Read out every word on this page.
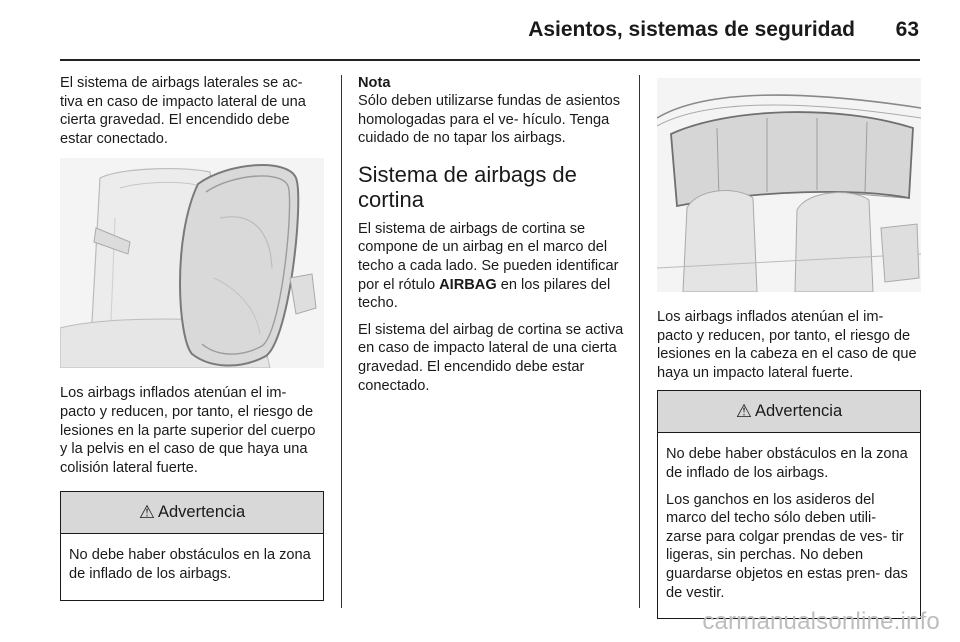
Asientos, sistemas de seguridad 63

El sistema de airbags laterales se ac- tiva en caso de impacto lateral de una cierta gravedad. El encendido debe estar conectado.

Los airbags inflados atenúan el im- pacto y reducen, por tanto, el riesgo de lesiones en la parte superior del cuerpo y la pelvis en el caso de que haya una colisión lateral fuerte.

⚠ Advertencia

No debe haber obstáculos en la zona de inflado de los airbags.

Nota

Sólo deben utilizarse fundas de asientos homologadas para el ve- hículo. Tenga cuidado de no tapar los airbags.

Sistema de airbags de cortina

El sistema de airbags de cortina se compone de un airbag en el marco del techo a cada lado. Se pueden identificar por el rótulo AIRBAG en los pilares del techo.

El sistema del airbag de cortina se activa en caso de impacto lateral de una cierta gravedad. El encendido debe estar conectado.

Los airbags inflados atenúan el im- pacto y reducen, por tanto, el riesgo de lesiones en la cabeza en el caso de que haya un impacto lateral fuerte.

⚠ Advertencia

No debe haber obstáculos en la zona de inflado de los airbags.

Los ganchos en los asideros del marco del techo sólo deben utili- zarse para colgar prendas de ves- tir ligeras, sin perchas. No deben guardarse objetos en estas pren- das de vestir.

carmanualsonline.info
